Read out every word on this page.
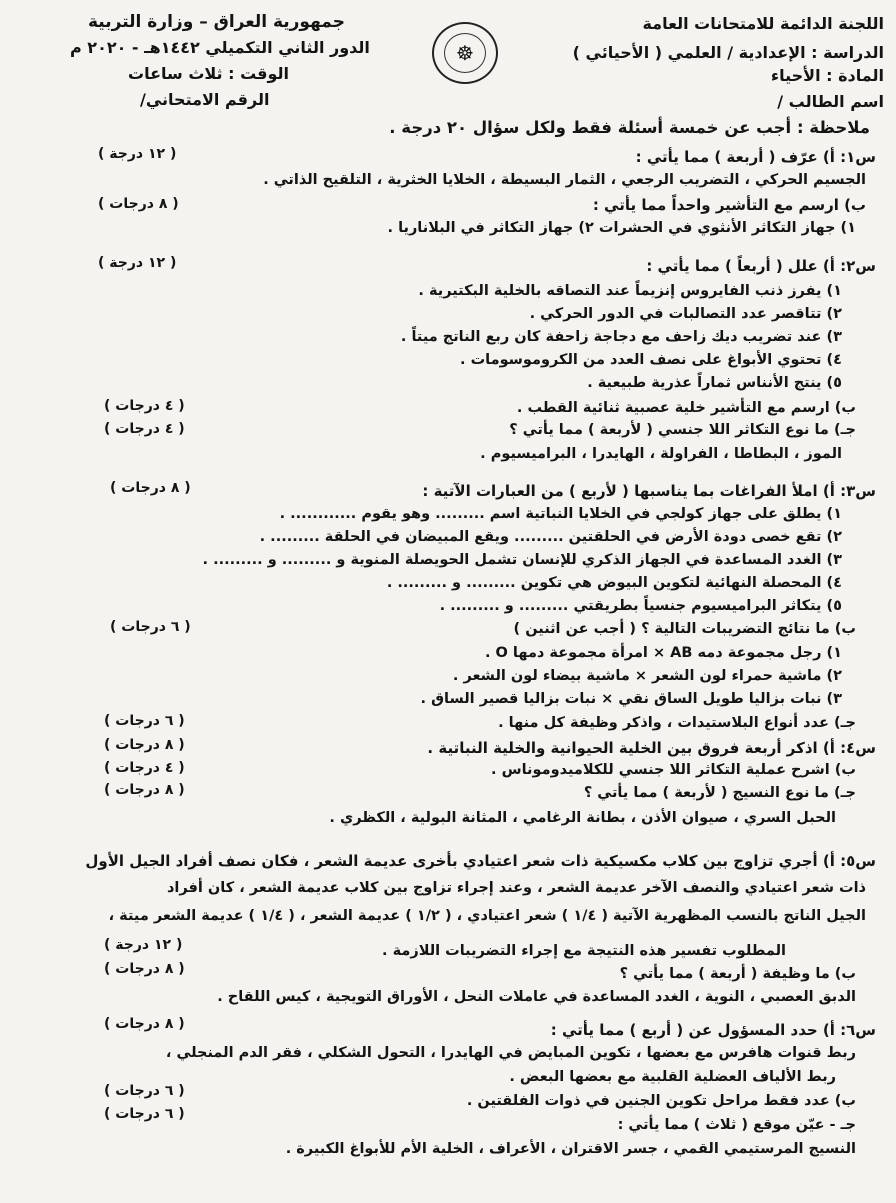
اللجنة الدائمة للامتحانات العامة
الدراسة : الإعدادية / العلمي ( الأحيائي )
المادة : الأحياء
اسم الطالب /
☸
جمهورية العراق – وزارة التربية
الدور الثاني التكميلي ١٤٤٢هـ - ٢٠٢٠ م
الوقت : ثلاث ساعات
الرقم الامتحاني/
ملاحظة : أجب عن خمسة أسئلة فقط ولكل سؤال ٢٠ درجة .
س١: أ) عرّف ( أربعة ) مما يأتي :
( ١٢ درجة )
الجسيم الحركي ، التضريب الرجعي ، الثمار البسيطة ، الخلايا الخثرية ، التلقيح الذاتي .
ب) ارسم مع التأشير واحداً مما يأتي :
( ٨ درجات )
١) جهاز التكاثر الأنثوي في الحشرات ٢) جهاز التكاثر في البلاناريا .
س٢: أ) علل ( أربعاً ) مما يأتي :
( ١٢ درجة )
١) يفرز ذنب الفايروس إنزيماً عند التصاقه بالخلية البكتيرية .
٢) تتاقصر عدد التصالبات في الدور الحركي .
٣) عند تضريب ديك زاحف مع دجاجة زاحفة كان ربع الناتج ميتاً .
٤) تحتوي الأبواغ على نصف العدد من الكروموسومات .
٥) ينتج الأنناس ثماراً عذرية طبيعية .
ب) ارسم مع التأشير خلية عصبية ثنائية القطب .
( ٤ درجات )
جـ) ما نوع التكاثر اللا جنسي ( لأربعة ) مما يأتي ؟
( ٤ درجات )
الموز ، البطاطا ، الفراولة ، الهايدرا ، البراميسيوم .
س٣: أ) املأ الفراغات بما يناسبها ( لأربع ) من العبارات الآتية :
( ٨ درجات )
١) يطلق على جهاز كولجي في الخلايا النباتية اسم ......... وهو يقوم ............ .
٢) تقع خصى دودة الأرض في الحلقتين ......... ويقع المبيضان في الحلقة ......... .
٣) الغدد المساعدة في الجهاز الذكري للإنسان تشمل الحويصلة المنوية و ......... و ......... .
٤) المحصلة النهائية لتكوين البيوض هي تكوين ......... و ......... .
٥) يتكاثر البراميسيوم جنسياً بطريقتي ......... و ......... .
ب) ما نتائج التضريبات التالية ؟ ( أجب عن اثنين )
( ٦ درجات )
١) رجل مجموعة دمه AB × امرأة مجموعة دمها O .
٢) ماشية حمراء لون الشعر × ماشية بيضاء لون الشعر .
٣) نبات بزاليا طويل الساق نقي × نبات بزاليا قصير الساق .
جـ) عدد أنواع البلاستيدات ، واذكر وظيفة كل منها .
( ٦ درجات )
س٤: أ) اذكر أربعة فروق بين الخلية الحيوانية والخلية النباتية .
( ٨ درجات )
ب) اشرح عملية التكاثر اللا جنسي للكلاميدوموناس .
( ٤ درجات )
جـ) ما نوع النسيج ( لأربعة ) مما يأتي ؟
( ٨ درجات )
الحبل السري ، صيوان الأذن ، بطانة الرغامي ، المثانة البولية ، الكظري .
س٥: أ) أجري تزاوج بين كلاب مكسيكية ذات شعر اعتيادي بأخرى عديمة الشعر ، فكان نصف أفراد الجيل الأول
ذات شعر اعتيادي والنصف الآخر عديمة الشعر ، وعند إجراء تزاوج بين كلاب عديمة الشعر ، كان أفراد
الجيل الناتج بالنسب المظهرية الآتية ( ١/٤ ) شعر اعتيادي ، ( ١/٢ ) عديمة الشعر ، ( ١/٤ ) عديمة الشعر ميتة ،
( ١٢ درجة )	المطلوب تفسير هذه النتيجة مع إجراء التضريبات اللازمة .
ب) ما وظيفة ( أربعة ) مما يأتي ؟
( ٨ درجات )
الدبق العصبي ، النوية ، الغدد المساعدة في عاملات النحل ، الأوراق التويجية ، كيس اللقاح .
س٦: أ) حدد المسؤول عن ( أربع ) مما يأتي :
( ٨ درجات )
ربط قنوات هافرس مع بعضها ، تكوين المبايض في الهايدرا ، التحول الشكلي ، فقر الدم المنجلي ،
ربط الألياف العضلية القلبية مع بعضها البعض .
( ٦ درجات )
ب) عدد فقط مراحل تكوين الجنين في ذوات الفلقتين .
( ٦ درجات )
جـ - عيّن موقع ( ثلاث ) مما يأتي :
النسيج المرستيمي القمي ، جسر الاقتران ، الأعراف ، الخلية الأم للأبواغ الكبيرة .
